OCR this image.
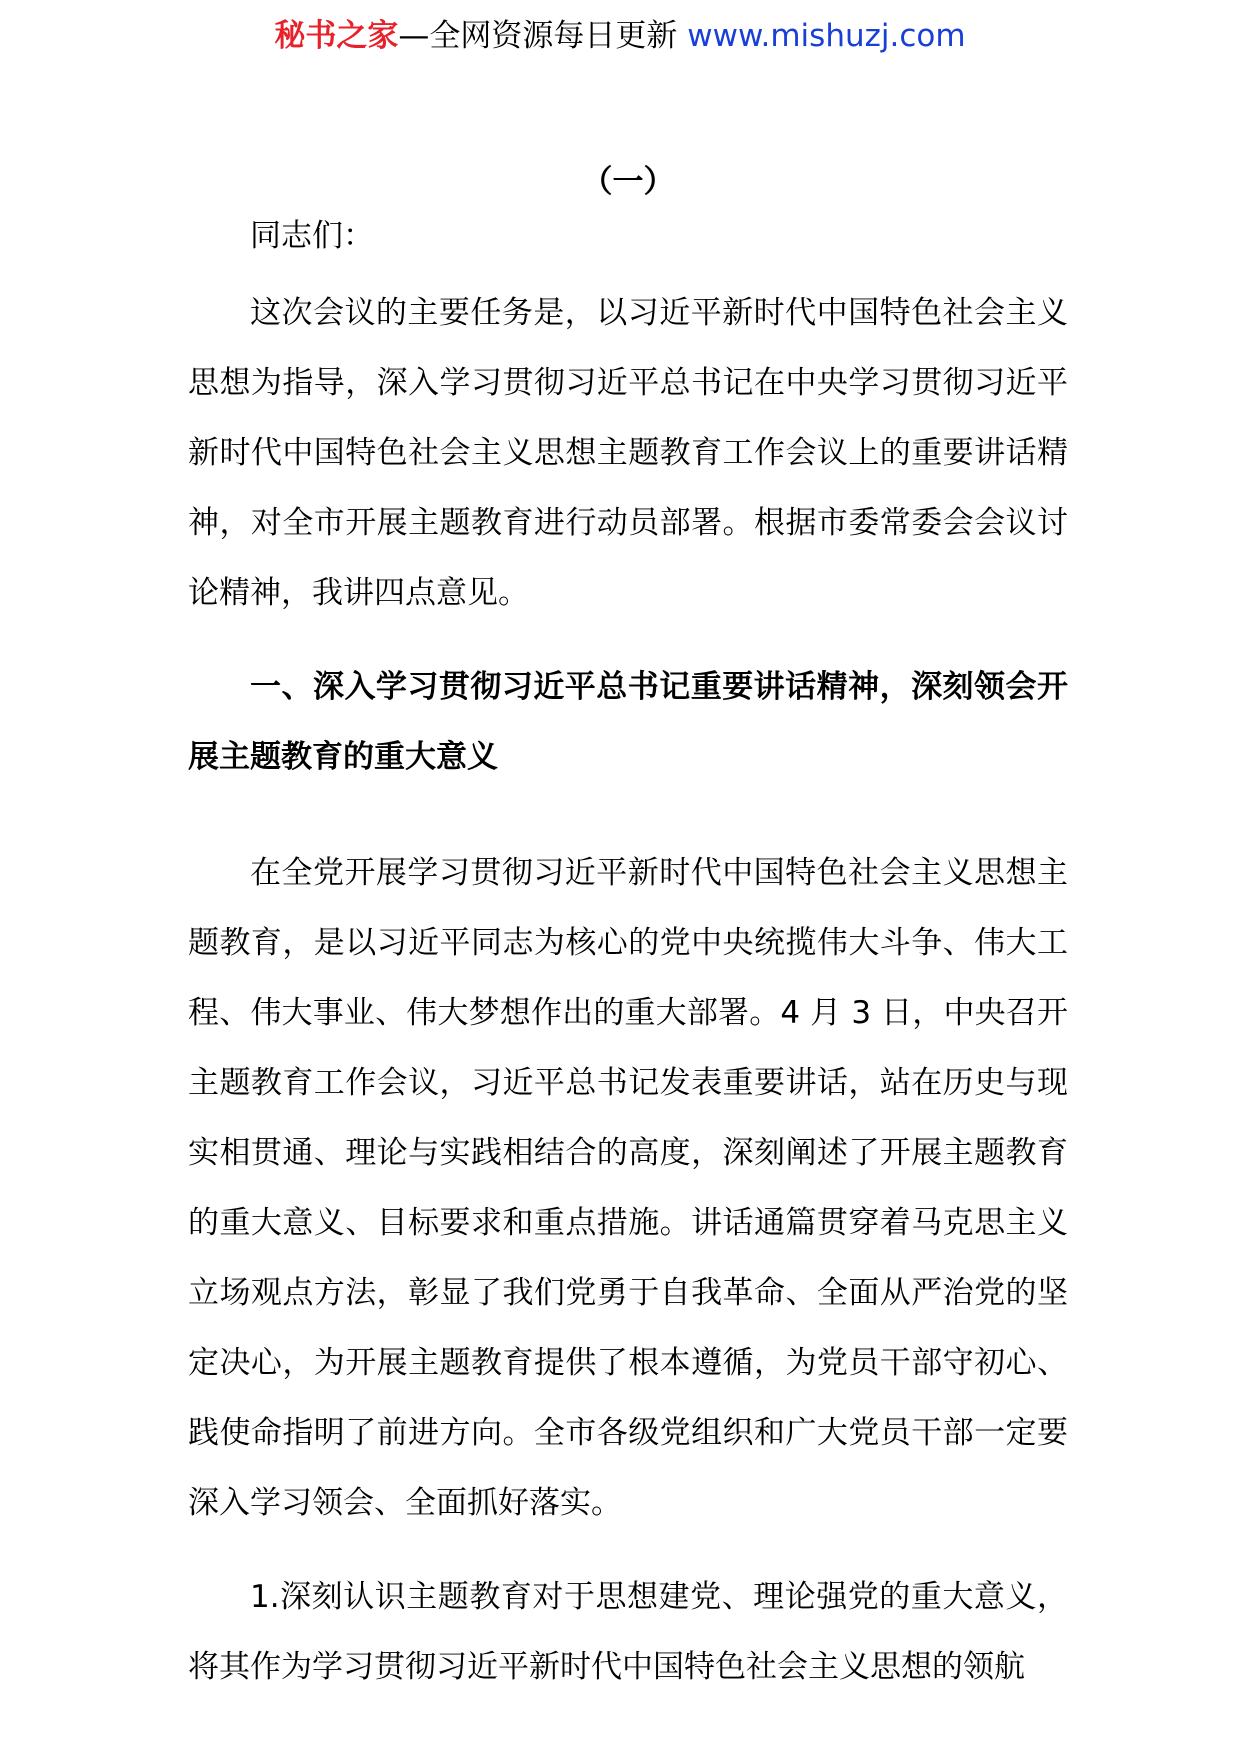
秘书之家—全网资源每日更新 www.mishuzj.com
（一）

同志们：

这次会议的主要任务是，以习近平新时代中国特色社会主义思想为指导，深入学习贯彻习近平总书记在中央学习贯彻习近平新时代中国特色社会主义思想主题教育工作会议上的重要讲话精神，对全市开展主题教育进行动员部署。根据市委常委会会议讨论精神，我讲四点意见。

一、深入学习贯彻习近平总书记重要讲话精神，深刻领会开展主题教育的重大意义

在全党开展学习贯彻习近平新时代中国特色社会主义思想主题教育，是以习近平同志为核心的党中央统揽伟大斗争、伟大工程、伟大事业、伟大梦想作出的重大部署。4 月 3 日，中央召开主题教育工作会议，习近平总书记发表重要讲话，站在历史与现实相贯通、理论与实践相结合的高度，深刻阐述了开展主题教育的重大意义、目标要求和重点措施。讲话通篇贯穿着马克思主义立场观点方法，彰显了我们党勇于自我革命、全面从严治党的坚定决心，为开展主题教育提供了根本遵循，为党员干部守初心、践使命指明了前进方向。全市各级党组织和广大党员干部一定要深入学习领会、全面抓好落实。

1.深刻认识主题教育对于思想建党、理论强党的重大意义，将其作为学习贯彻习近平新时代中国特色社会主义思想的领航
